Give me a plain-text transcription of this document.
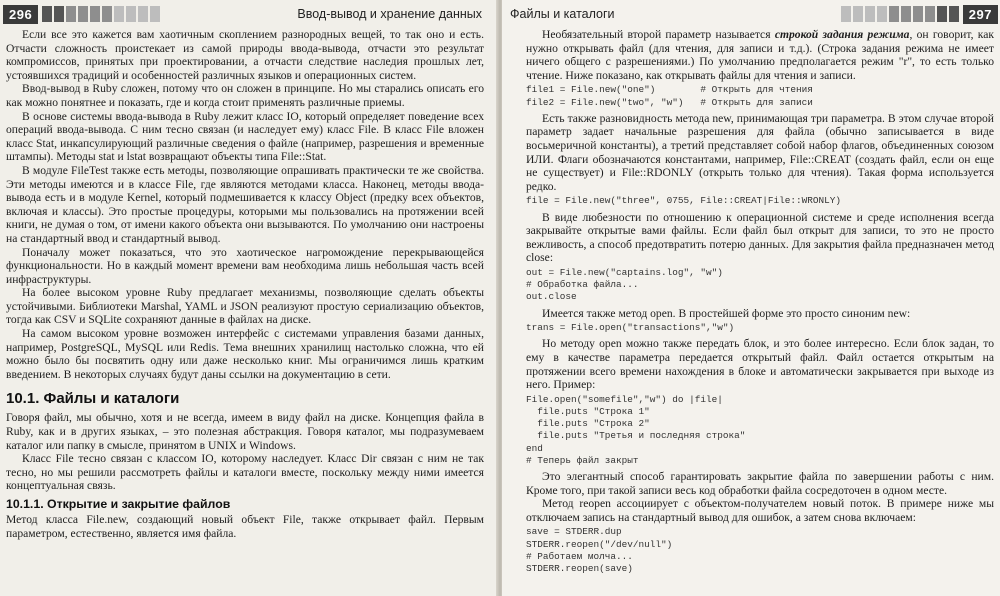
296	Ввод-вывод и хранение данных

Если все это кажется вам хаотичным скоплением разнородных вещей, то так оно и есть. Отчасти сложность проистекает из самой природы ввода-вывода, отчасти это результат компромиссов, принятых при проектировании, а отчасти следствие наследия прошлых лет, устоявшихся традиций и особенностей различных языков и операционных систем.

Ввод-вывод в Ruby сложен, потому что он сложен в принципе. Но мы старались описать его как можно понятнее и показать, где и когда стоит применять различные приемы.

В основе системы ввода-вывода в Ruby лежит класс IO, который определяет поведение всех операций ввода-вывода. С ним тесно связан (и наследует ему) класс File. В класс File вложен класс Stat, инкапсулирующий различные сведения о файле (например, разрешения и временные штампы). Методы stat и lstat возвращают объекты типа File::Stat.

В модуле FileTest также есть методы, позволяющие опрашивать практически те же свойства. Эти методы имеются и в классе File, где являются методами класса. Наконец, методы ввода-вывода есть и в модуле Kernel, который подмешивается к классу Object (предку всех объектов, включая и классы). Это простые процедуры, которыми мы пользовались на протяжении всей книги, не думая о том, от имени какого объекта они вызываются. По умолчанию они настроены на стандартный ввод и стандартный вывод.

Поначалу может показаться, что это хаотическое нагромождение перекрывающейся функциональности. Но в каждый момент времени вам необходима лишь небольшая часть всей инфраструктуры.

На более высоком уровне Ruby предлагает механизмы, позволяющие сделать объекты устойчивыми. Библиотеки Marshal, YAML и JSON реализуют простую сериализацию объектов, тогда как CSV и SQLite сохраняют данные в файлах на диске.

На самом высоком уровне возможен интерфейс с системами управления базами данных, например, PostgreSQL, MySQL или Redis. Тема внешних хранилищ настолько сложна, что ей можно было бы посвятить одну или даже несколько книг. Мы ограничимся лишь кратким введением. В некоторых случаях будут даны ссылки на документацию в сети.

10.1. Файлы и каталоги

Говоря файл, мы обычно, хотя и не всегда, имеем в виду файл на диске. Концепция файла в Ruby, как и в других языках, – это полезная абстракция. Говоря каталог, мы подразумеваем каталог или папку в смысле, принятом в UNIX и Windows.

Класс File тесно связан с классом IO, которому наследует. Класс Dir связан с ним не так тесно, но мы решили рассмотреть файлы и каталоги вместе, поскольку между ними имеется концептуальная связь.

10.1.1. Открытие и закрытие файлов

Метод класса File.new, создающий новый объект File, также открывает файл. Первым параметром, естественно, является имя файла.

Файлы и каталоги	297

Необязательный второй параметр называется строкой задания режима, он говорит, как нужно открывать файл (для чтения, для записи и т.д.). (Строка задания режима не имеет ничего общего с разрешениями.) По умолчанию предполагается режим "r", то есть только чтение. Ниже показано, как открывать файлы для чтения и записи.

file1 = File.new("one")        # Открыть для чтения
file2 = File.new("two", "w")   # Открыть для записи

Есть также разновидность метода new, принимающая три параметра. В этом случае второй параметр задает начальные разрешения для файла (обычно записывается в виде восьмеричной константы), а третий представляет собой набор флагов, объединенных союзом ИЛИ. Флаги обозначаются константами, например, File::CREAT (создать файл, если он еще не существует) и File::RDONLY (открыть только для чтения). Такая форма используется редко.

file = File.new("three", 0755, File::CREAT|File::WRONLY)

В виде любезности по отношению к операционной системе и среде исполнения всегда закрывайте открытые вами файлы. Если файл был открыт для записи, то это не просто вежливость, а способ предотвратить потерю данных. Для закрытия файла предназначен метод close:

out = File.new("captains.log", "w")
# Обработка файла...
out.close

Имеется также метод open. В простейшей форме это просто синоним new:

trans = File.open("transactions","w")

Но методу open можно также передать блок, и это более интересно. Если блок задан, то ему в качестве параметра передается открытый файл. Файл остается открытым на протяжении всего времени нахождения в блоке и автоматически закрывается при выходе из него. Пример:

File.open("somefile","w") do |file|
file.puts "Строка 1"
file.puts "Строка 2"
file.puts "Третья и последняя строка"
end
# Теперь файл закрыт

Это элегантный способ гарантировать закрытие файла по завершении работы с ним. Кроме того, при такой записи весь код обработки файла сосредоточен в одном месте.

Метод reopen ассоциирует с объектом-получателем новый поток. В примере ниже мы отключаем запись на стандартный вывод для ошибок, а затем снова включаем:

save = STDERR.dup
STDERR.reopen("/dev/null")
# Работаем молча...
STDERR.reopen(save)
